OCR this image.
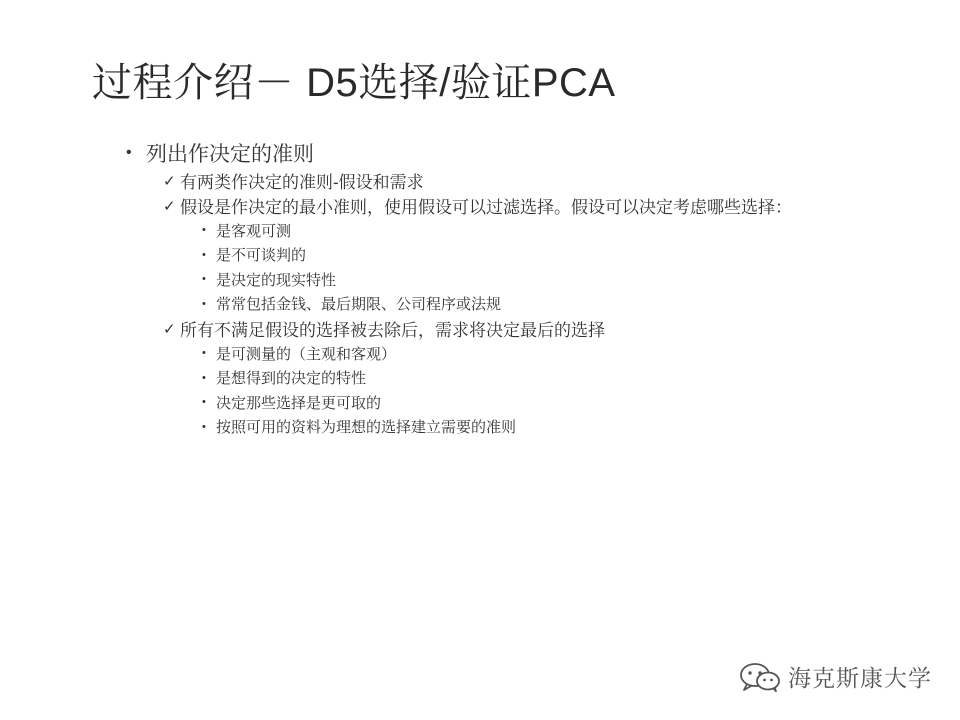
过程介绍－ D5选择/验证PCA
• 列出作决定的准则
✓ 有两类作决定的准则-假设和需求
✓ 假设是作决定的最小准则，使用假设可以过滤选择。假设可以决定考虑哪些选择：
• 是客观可测
• 是不可谈判的
• 是决定的现实特性
• 常常包括金钱、最后期限、公司程序或法规
✓ 所有不满足假设的选择被去除后，需求将决定最后的选择
• 是可测量的（主观和客观）
• 是想得到的决定的特性
• 决定那些选择是更可取的
• 按照可用的资料为理想的选择建立需要的准则
海克斯康大学
